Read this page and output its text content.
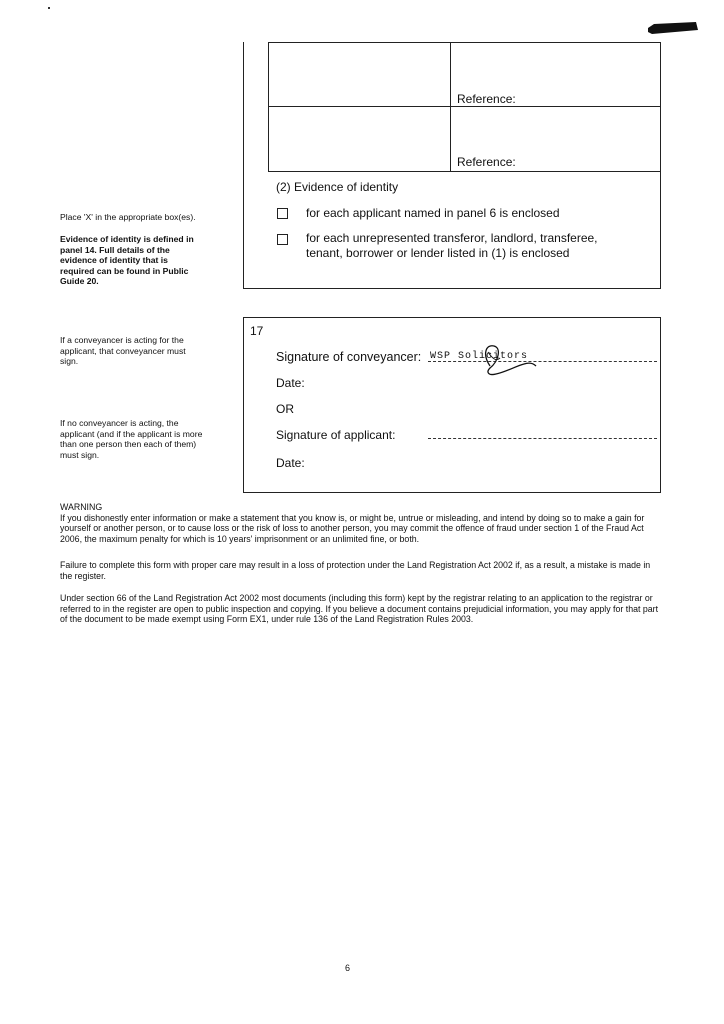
Reference:
Reference:
(2) Evidence of identity
for each applicant named in panel 6 is enclosed
for each unrepresented transferor, landlord, transferee,
tenant, borrower or lender listed in (1) is enclosed
Place 'X' in the appropriate box(es).
Evidence of identity is defined in
panel 14. Full details of the
evidence of identity that is
required can be found in Public
Guide 20.
If a conveyancer is acting for the
applicant, that conveyancer must
sign.
If no conveyancer is acting, the
applicant (and if the applicant is more
than one person then each of them)
must sign.
17
Signature of conveyancer: WSP Solicitors
Date:
OR
Signature of applicant:
Date:

WARNING

If you dishonestly enter information or make a statement that you know is, or might be, untrue or misleading, and intend by doing so to make a gain for yourself or another person, or to cause loss or the risk of loss to another person, you may commit the offence of fraud under section 1 of the Fraud Act 2006, the maximum penalty for which is 10 years' imprisonment or an unlimited fine, or both.

Failure to complete this form with proper care may result in a loss of protection under the Land Registration Act 2002 if, as a result, a mistake is made in the register.
Under section 66 of the Land Registration Act 2002 most documents (including this form) kept by the registrar relating to an application to the registrar or referred to in the register are open to public inspection and copying. If you believe a document contains prejudicial information, you may apply for that part of the document to be made exempt using Form EX1, under rule 136 of the Land Registration Rules 2003.
6
